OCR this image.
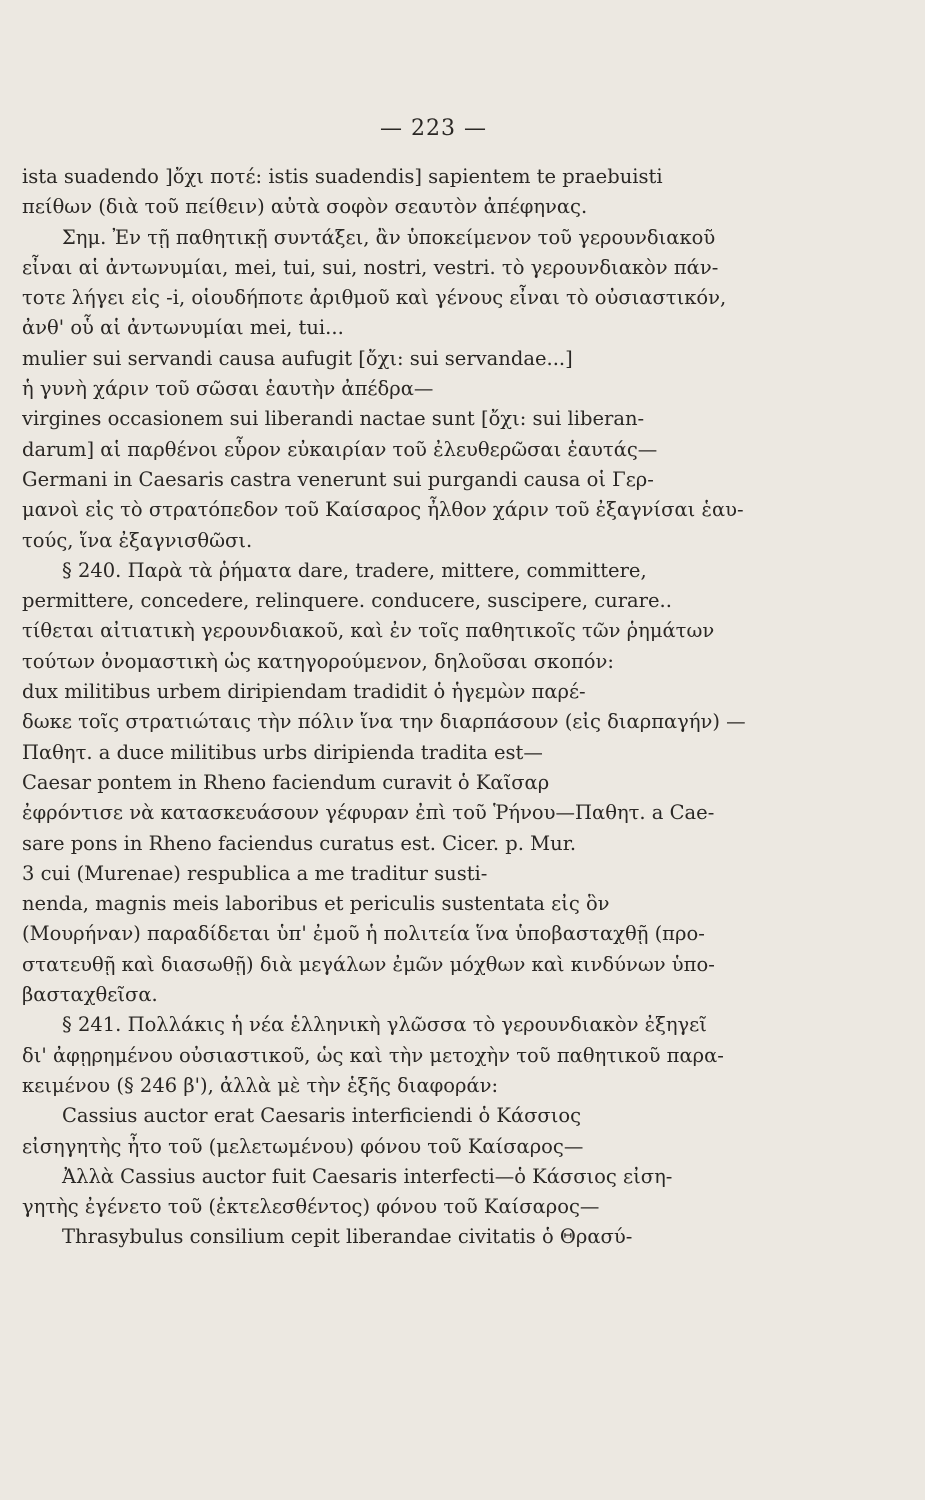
— 223 —
ista suadendo ]ὄχι ποτέ: istis suadendis] sapientem te praebuisti
πείθων (διὰ τοῦ πείθειν) αὐτὰ σοφὸν σεαυτὸν ἀπέφηνας.
Σημ. Ἐν τῇ παθητικῇ συντάξει, ἂν ὑποκείμενον τοῦ γερουνδιακοῦ
εἶναι αἱ ἀντωνυμίαι, mei, tui, sui, nostri, vestri. τὸ γερουνδιακὸν πάν-
τοτε λήγει εἰς -i, οἱουδήποτε ἀριθμοῦ καὶ γένους εἶναι τὸ οὐσιαστικόν,
ἀνθ' οὗ αἱ ἀντωνυμίαι mei, tui...
mulier sui servandi causa aufugit [ὄχι: sui servandae...]
ἡ γυνὴ χάριν τοῦ σῶσαι ἑαυτὴν ἀπέδρα—
virgines occasionem sui liberandi nactae sunt [ὄχι: sui liberan-
darum] αἱ παρθένοι εὗρον εὐκαιρίαν τοῦ ἐλευθερῶσαι ἑαυτάς—
Germani in Caesaris castra venerunt sui purgandi causa οἱ Γερ-
μανοὶ εἰς τὸ στρατόπεδον τοῦ Καίσαρος ἦλθον χάριν τοῦ ἐξαγνίσαι ἑαυ-
τούς, ἵνα ἐξαγνισθῶσι.
§ 240. Παρὰ τὰ ῥήματα dare, tradere, mittere, committere,
permittere, concedere, relinquere. conducere, suscipere, curare..
τίθεται αἰτιατικὴ γερουνδιακοῦ, καὶ ἐν τοῖς παθητικοῖς τῶν ῥημάτων
τούτων ὀνομαστικὴ ὡς κατηγορούμενον, δηλοῦσαι σκοπόν:
dux militibus urbem diripiendam tradidit ὁ ἡγεμὼν παρέ-
δωκε τοῖς στρατιώταις τὴν πόλιν ἵνα την διαρπάσουν (εἰς διαρπαγήν) —
Παθητ. a duce militibus urbs diripienda tradita est—
Caesar pontem in Rheno faciendum curavit ὁ Καῖσαρ
ἐφρόντισε νὰ κατασκευάσουν γέφυραν ἐπὶ τοῦ Ῥήνου—Παθητ. a Cae-
sare pons in Rheno faciendus curatus est. Cicer. p. Mur.
3 cui (Murenae) respublica a me traditur susti-
nenda, magnis meis laboribus et periculis sustentata εἰς ὃν
(Μουρήναν) παραδίδεται ὑπ' ἐμοῦ ἡ πολιτεία ἵνα ὑποβασταχθῇ (προ-
στατευθῇ καὶ διασωθῇ) διὰ μεγάλων ἐμῶν μόχθων καὶ κινδύνων ὑπο-
βασταχθεῖσα.
§ 241. Πολλάκις ἡ νέα ἑλληνικὴ γλῶσσα τὸ γερουνδιακὸν ἐξηγεῖ
δι' ἀφῃρημένου οὐσιαστικοῦ, ὡς καὶ τὴν μετοχὴν τοῦ παθητικοῦ παρα-
κειμένου (§ 246 β'), ἀλλὰ μὲ τὴν ἑξῆς διαφοράν:
Cassius auctor erat Caesaris interficiendi ὁ Κάσσιος
εἰσηγητὴς ἦτο τοῦ (μελετωμένου) φόνου τοῦ Καίσαρος—
Ἀλλὰ Cassius auctor fuit Caesaris interfecti—ὁ Κάσσιος εἰση-
γητὴς ἐγένετο τοῦ (ἐκτελεσθέντος) φόνου τοῦ Καίσαρος—
Thrasybulus consilium cepit liberandae civitatis ὁ Θρασύ-
